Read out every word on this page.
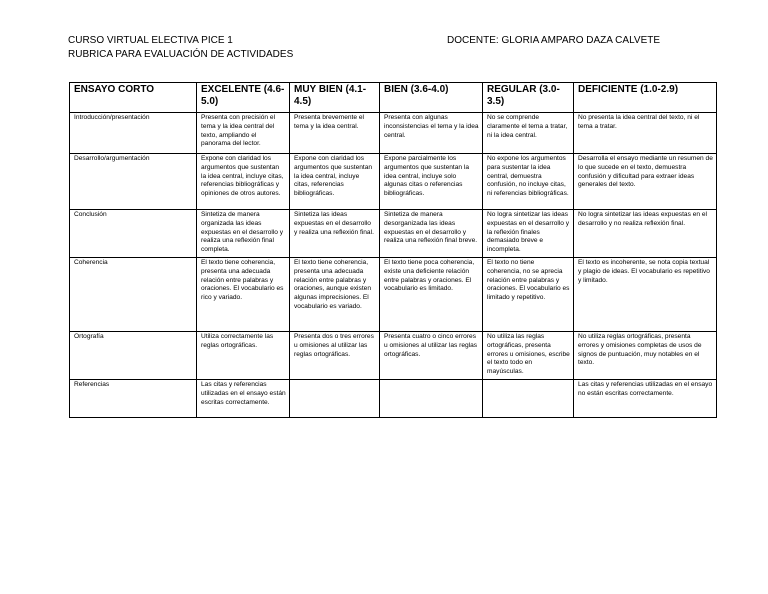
CURSO VIRTUAL ELECTIVA PICE 1
RUBRICA PARA EVALUACIÓN DE ACTIVIDADES
DOCENTE: GLORIA AMPARO DAZA CALVETE
ENSAYO CORTO	EXCELENTE (4.6-5.0)	MUY BIEN (4.1-4.5)	BIEN (3.6-4.0)	REGULAR (3.0-3.5)	DEFICIENTE (1.0-2.9)
Introducción/presentación	Presenta con precisión el tema y la idea central del texto, ampliando el panorama del lector.	Presenta brevemente el tema y la idea central.	Presenta con algunas inconsistencias el tema y la idea central.	No se comprende claramente el tema a tratar, ni la idea central.	No presenta la idea central del texto, ni el tema a tratar.
Desarrollo/argumentación	Expone con claridad los argumentos que sustentan la idea central, incluye citas, referencias bibliográficas y opiniones de otros autores.	Expone con claridad los argumentos que sustentan la idea central, incluye citas, referencias bibliográficas.	Expone parcialmente los argumentos que sustentan la idea central, incluye solo algunas citas o referencias bibliográficas.	No expone los argumentos para sustentar la idea central, demuestra confusión, no incluye citas, ni referencias bibliográficas.	Desarrolla el ensayo mediante un resumen de lo que sucede en el texto, demuestra confusión y dificultad para extraer ideas generales del texto.
Conclusión	Sintetiza de manera organizada las ideas expuestas en el desarrollo y realiza una reflexión final completa.	Sintetiza las ideas expuestas en el desarrollo y realiza una reflexión final.	Sintetiza de manera desorganizada las ideas expuestas en el desarrollo y realiza una reflexión final breve.	No logra sintetizar las ideas expuestas en el desarrollo y la reflexión finales demasiado breve e incompleta.	No logra sintetizar las ideas expuestas en el desarrollo y no realiza reflexión final.
Coherencia	El texto tiene coherencia, presenta una adecuada relación entre palabras y oraciones. El vocabulario es rico y variado.	El texto tiene coherencia, presenta una adecuada relación entre palabras y oraciones, aunque existen algunas imprecisiones. El vocabulario es variado.	El texto tiene poca coherencia, existe una deficiente relación entre palabras y oraciones. El vocabulario es limitado.	El texto no tiene coherencia, no se aprecia relación entre palabras y oraciones. El vocabulario es limitado y repetitivo.	El texto es incoherente, se nota copia textual y plagio de ideas. El vocabulario es repetitivo y limitado.
Ortografía	Utiliza correctamente las reglas ortográficas.	Presenta dos o tres errores u omisiones al utilizar las reglas ortográficas.	Presenta cuatro o cinco errores u omisiones al utilizar las reglas ortográficas.	No utiliza las reglas ortográficas, presenta errores u omisiones, escribe el texto todo en mayúsculas.	No utiliza reglas ortográficas, presenta errores y omisiones completas de usos de signos de puntuación, muy notables en el texto.
Referencias	Las citas y referencias utilizadas en el ensayo están escritas correctamente.				Las citas y referencias utilizadas en el ensayo no están escritas correctamente.
